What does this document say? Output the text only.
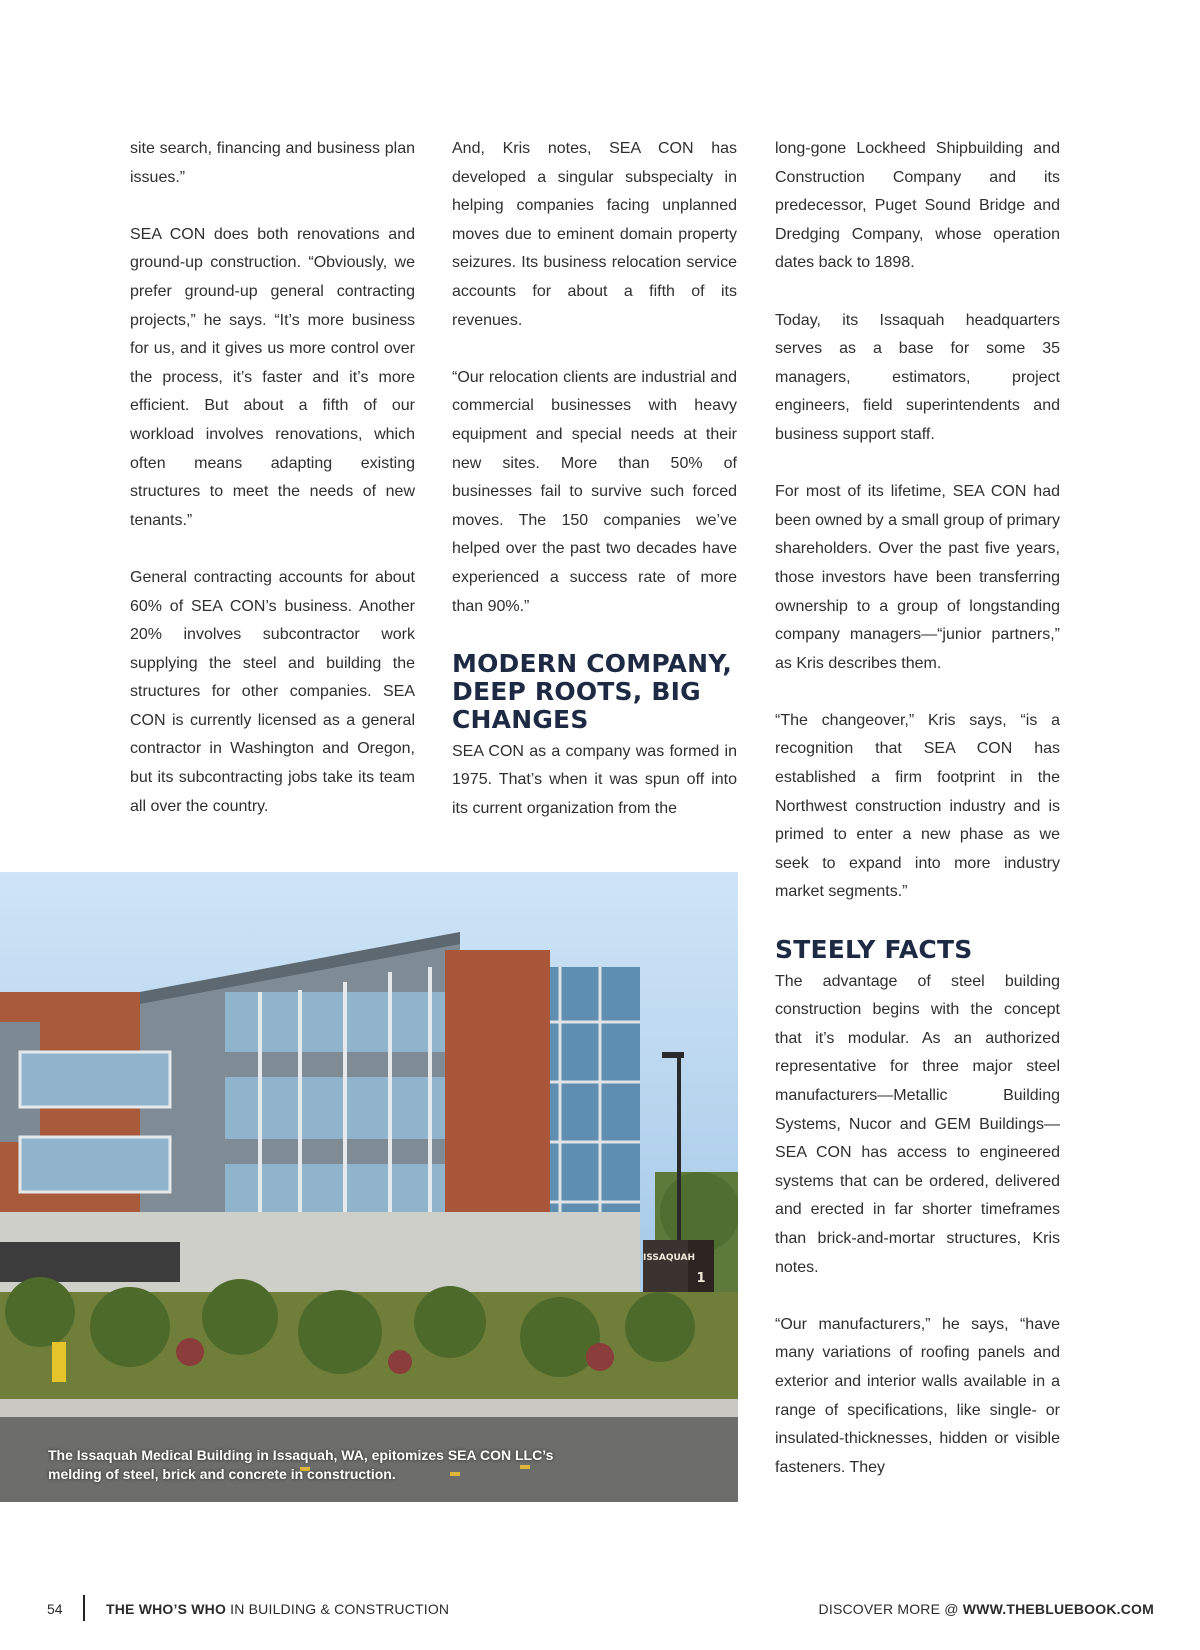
site search, financing and business plan issues.”

SEA CON does both renovations and ground-up construction. “Obviously, we prefer ground-up general contracting projects,” he says. “It’s more business for us, and it gives us more control over the process, it’s faster and it’s more efficient. But about a fifth of our workload involves renovations, which often means adapting existing structures to meet the needs of new tenants.”

General contracting accounts for about 60% of SEA CON’s business. Another 20% involves subcontractor work supplying the steel and building the structures for other companies. SEA CON is currently licensed as a general contractor in Washington and Oregon, but its subcontracting jobs take its team all over the country.

And, Kris notes, SEA CON has developed a singular subspecialty in helping companies facing unplanned moves due to eminent domain property seizures. Its business relocation service accounts for about a fifth of its revenues.

“Our relocation clients are industrial and commercial businesses with heavy equipment and special needs at their new sites. More than 50% of businesses fail to survive such forced moves. The 150 companies we’ve helped over the past two decades have experienced a success rate of more than 90%.”

MODERN COMPANY, DEEP ROOTS, BIG CHANGES

SEA CON as a company was formed in 1975. That’s when it was spun off into its current organization from the

long-gone Lockheed Shipbuilding and Construction Company and its predecessor, Puget Sound Bridge and Dredging Company, whose operation dates back to 1898.

Today, its Issaquah headquarters serves as a base for some 35 managers, estimators, project engineers, field superintendents and business support staff.

For most of its lifetime, SEA CON had been owned by a small group of primary shareholders. Over the past five years, those investors have been transferring ownership to a group of longstanding company managers—“junior partners,” as Kris describes them.

“The changeover,” Kris says, “is a recognition that SEA CON has established a firm footprint in the Northwest construction industry and is primed to enter a new phase as we seek to expand into more industry market segments.”

STEELY FACTS

The advantage of steel building construction begins with the concept that it’s modular. As an authorized representative for three major steel manufacturers—Metallic Building Systems, Nucor and GEM Buildings—SEA CON has access to engineered systems that can be ordered, delivered and erected in far shorter timeframes than brick-and-mortar structures, Kris notes.

“Our manufacturers,” he says, “have many variations of roofing panels and exterior and interior walls available in a range of specifications, like single- or insulated-thicknesses, hidden or visible fasteners. They

ISSAQUAH
1
The Issaquah Medical Building in Issaquah, WA, epitomizes SEA CON LLC’s melding of steel, brick and concrete in construction.
54	THE WHO’S WHO IN BUILDING & CONSTRUCTION	DISCOVER MORE @ WWW.THEBLUEBOOK.COM
